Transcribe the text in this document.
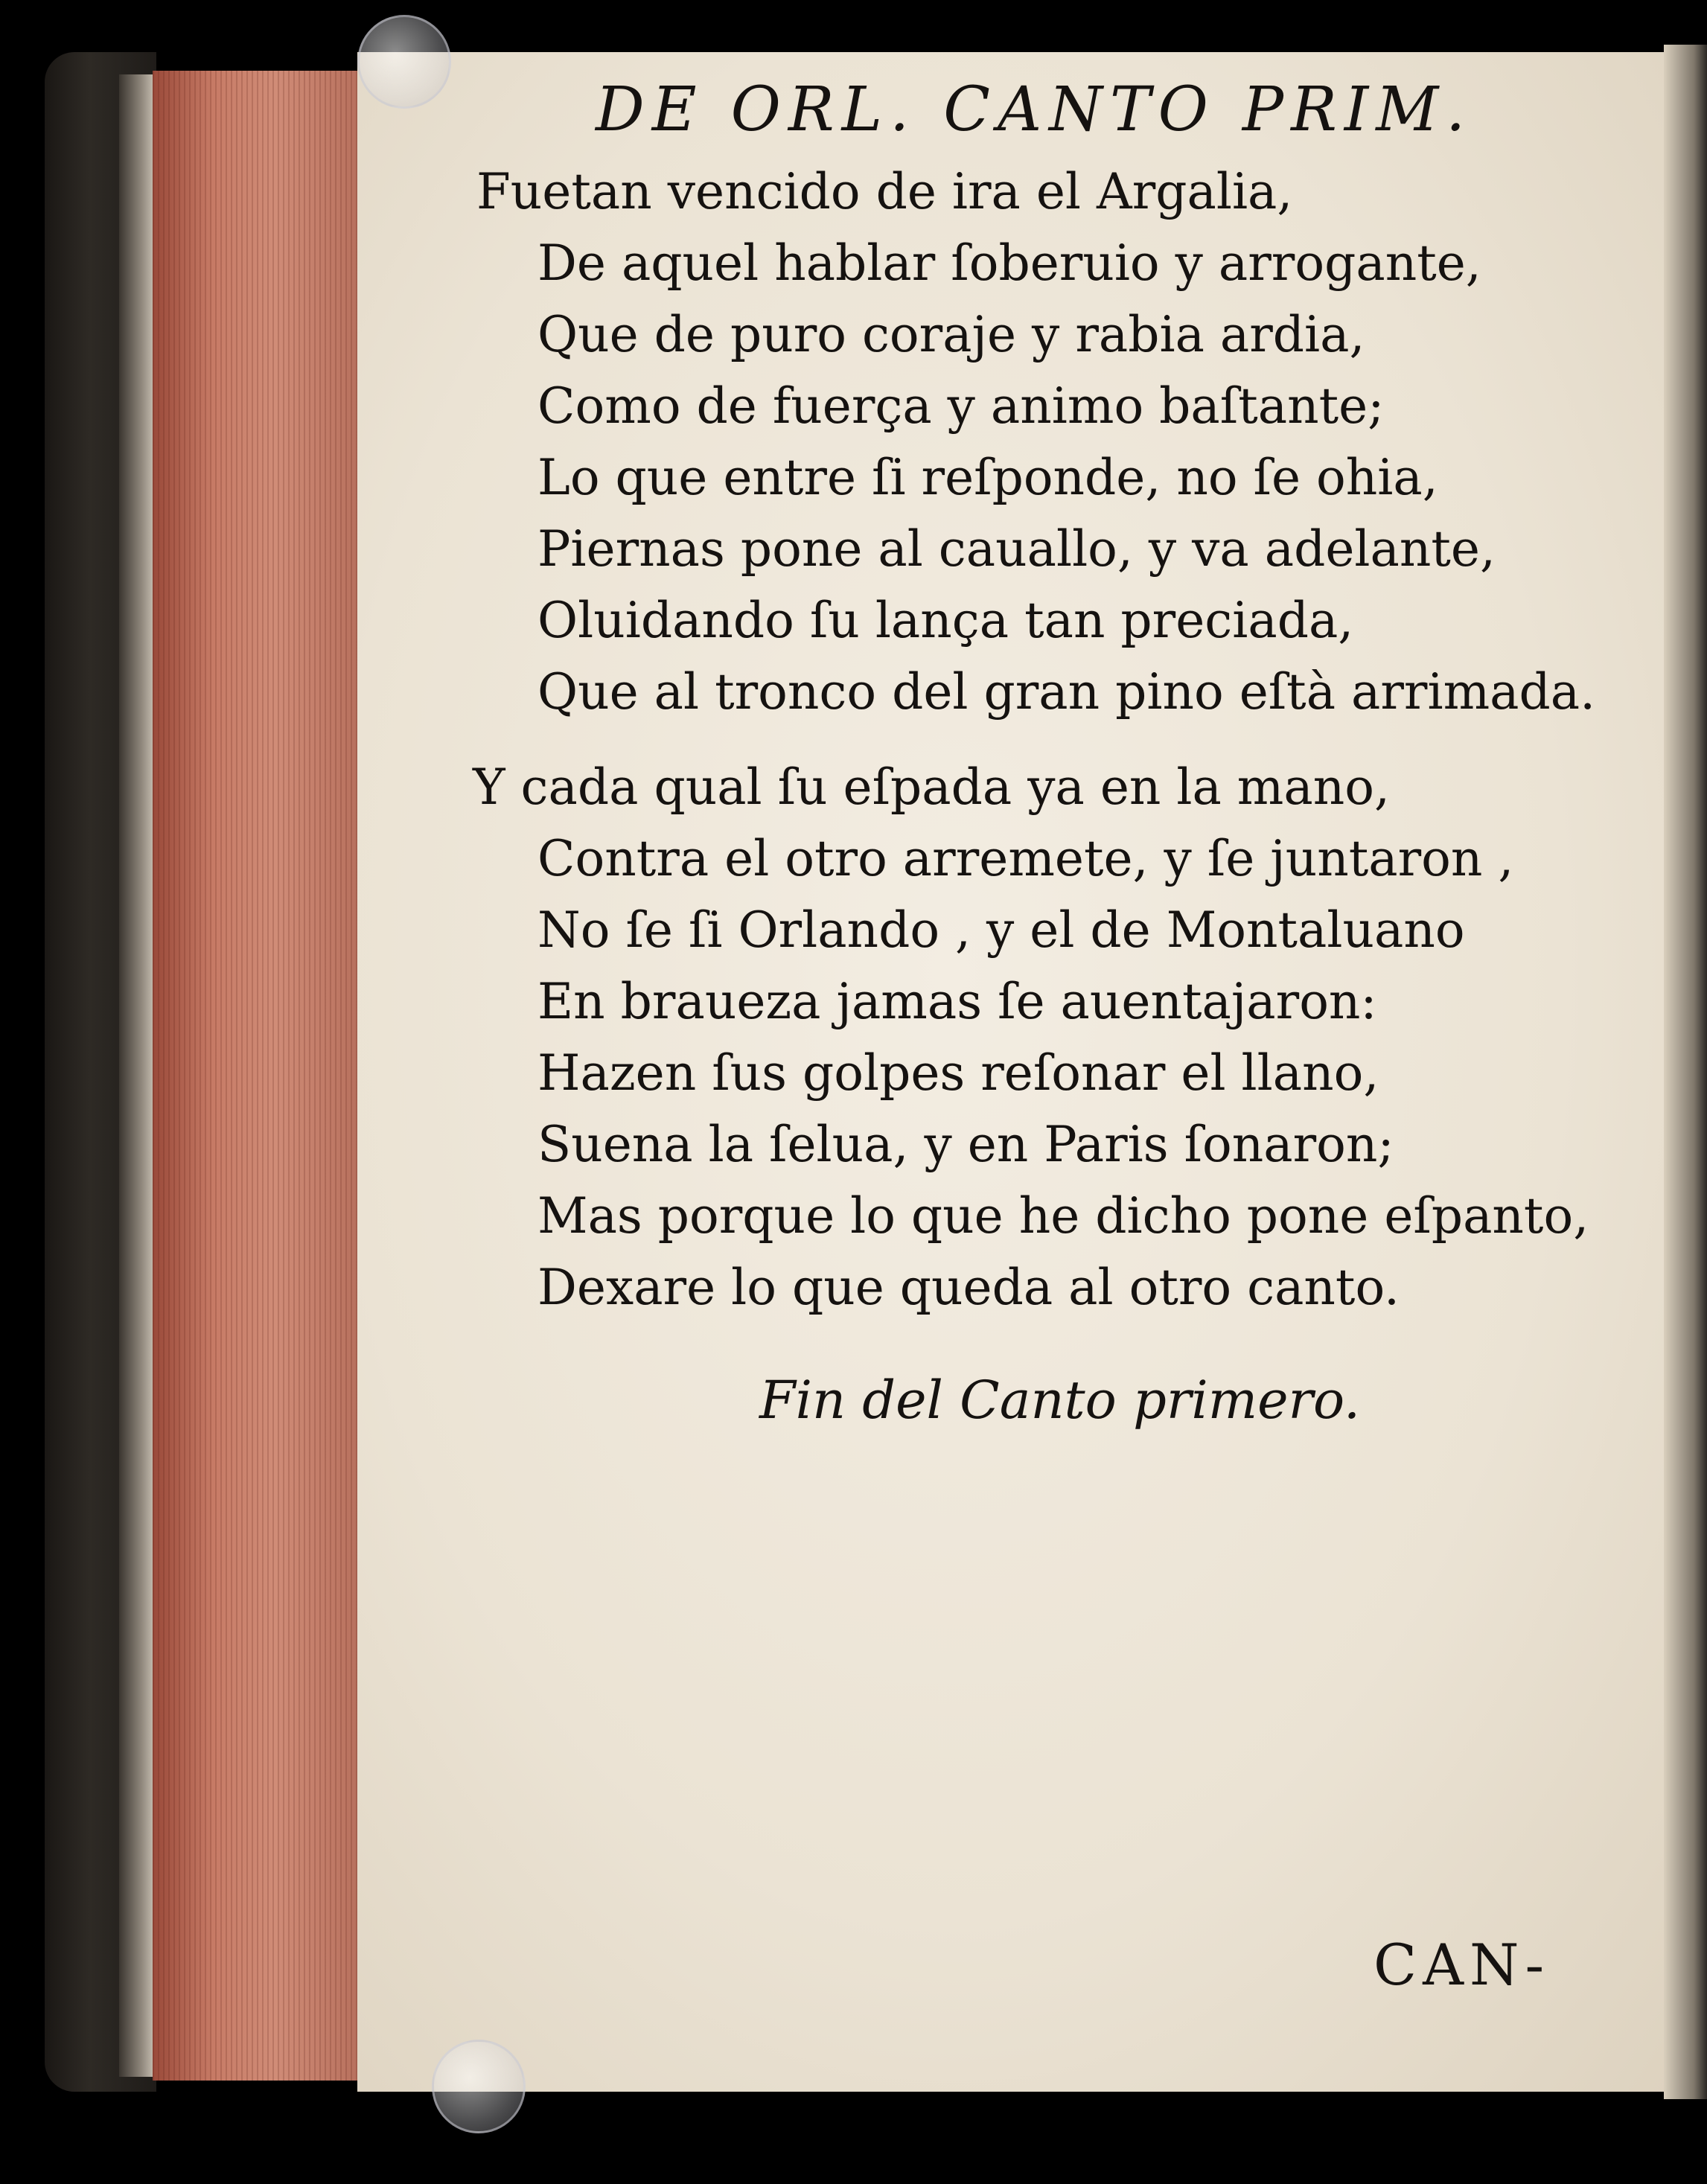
DE ORL. CANTO PRIM.
Fuetan vencido de ira el Argalia,
De aquel hablar ſoberuio y arrogante,
Que de puro coraje y rabia ardia,
Como de fuerça y animo baſtante;
Lo que entre ſi reſponde, no ſe ohia,
Piernas pone al cauallo, y va adelante,
Oluidando ſu lança tan preciada,
Que al tronco del gran pino eſtà arrimada.
Y cada qual ſu eſpada ya en la mano,
Contra el otro arremete, y ſe juntaron ,
No ſe ſi Orlando , y el de Montaluano
En braueza jamas ſe auentajaron:
Hazen ſus golpes reſonar el llano,
Suena la ſelua, y en Paris ſonaron;
Mas porque lo que he dicho pone eſpanto,
Dexare lo que queda al otro canto.
Fin del Canto primero.
CAN-
